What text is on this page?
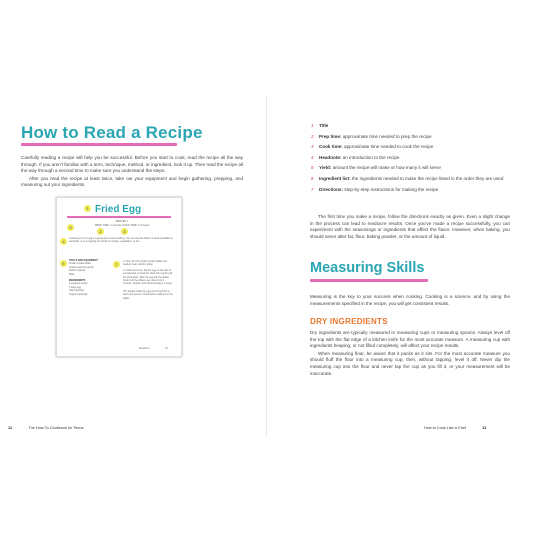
How to Read a Recipe

Carefully reading a recipe will help you be successful. Before you start to cook, read the recipe all the way through. If you aren't familiar with a term, technique, method, or ingredient, look it up. Then read the recipe all the way through a second time to make sure you understand the steps.

After you read the recipe at least twice, take out your equipment and begin gathering, prepping, and measuring out your ingredients.

1 Fried Egg
5
SERVES 1
PREP TIME: 2 minutes COOK TIME: 5 minutes
2	3
4
Learning to fry an egg is a great way to start cooking. You can use this skill for a quick breakfast or sandwich, or as a topping for a bowl of noodles, vegetables, or rice.
6
TOOLS AND EQUIPMENT
Small nonstick skillet
Small measuring spoon
Rubber spatula
Plate
INGREDIENTS
1 teaspoon butter
1 large egg
Salt (optional)
Pepper (optional)
7
1. Heat. Put the small nonstick skillet over medium heat. Add the butter.
2. Crack and cook. Tap the egg on the side of a small bowl to crack the shell, then gently pull the shell apart. Slide the egg into the skillet. Cook until the white is set, about 3 to 4 minutes. Season with salt and pepper, if using.
TIP: Always crack the egg into a bowl first to catch any pieces of shell before adding it to the skillet.
Breakfast	29
12	The How-To Cookbook for Teens
1 Title
2 Prep time: approximate time needed to prep the recipe
3 Cook time: approximate time needed to cook the recipe
4 Headnote: an introduction to the recipe
5 Yield: amount the recipe will make or how many it will serve
6 Ingredient list: the ingredients needed to make the recipe listed in the order they are used
7 Directions: step-by-step instructions for making the recipe

The first time you make a recipe, follow the directions exactly as given. Even a slight change in the process can lead to mediocre results. Once you've made a recipe successfully, you can experiment with the seasonings or ingredients that affect the flavor. However, when baking, you should never alter fat, flour, baking powder, or the amount of liquid.

Measuring Skills

Measuring is the key to your success when cooking. Cooking is a science, and by using the measurements specified in the recipe, you will get consistent results.

DRY INGREDIENTS

Dry ingredients are typically measured in measuring cups or measuring spoons. Always level off the top with the flat edge of a kitchen knife for the most accurate measure. A measuring cup with ingredients heaping, or not filled completely, will affect your recipe results.

When measuring flour, be aware that it packs as it sits. For the most accurate measure you should fluff the flour into a measuring cup, then, without tapping, level it off. Never dip the measuring cup into the flour and never tap the cup as you fill it, or your measurement will be inaccurate.

How to Cook Like a Chef	13
